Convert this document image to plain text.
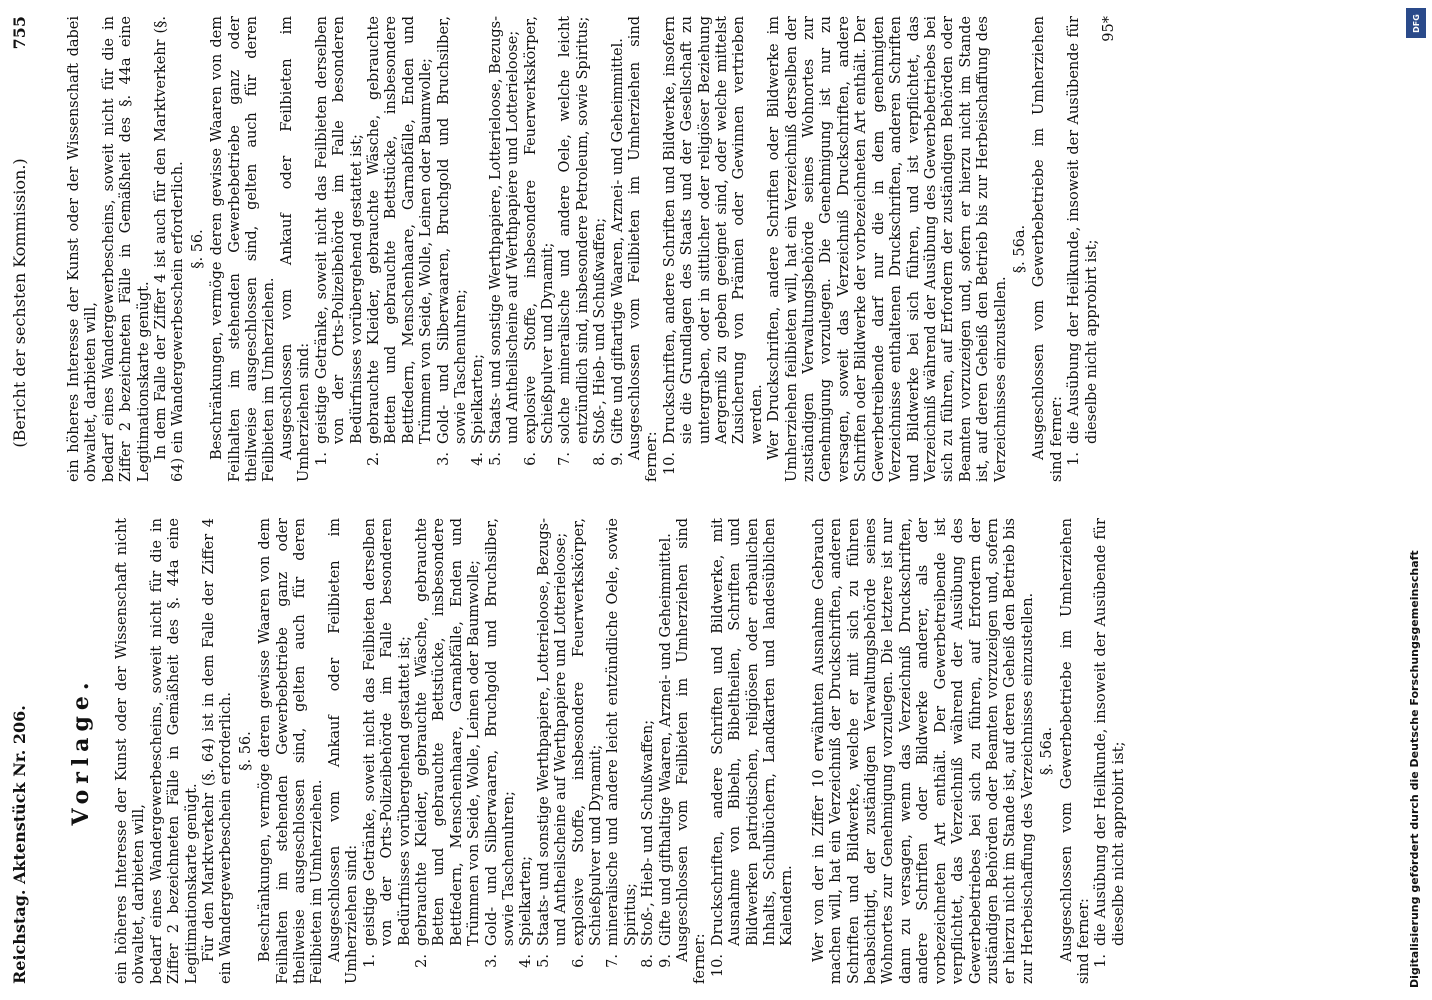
Reichstag. Aktenstück Nr. 206.
(Bericht der sechsten Kommission.)
755
Vorlage. ein höheres Interesse der Kunst oder der Wissenschaft nicht obwaltet, darbieten will, bedarf eines Wandergewerbescheins, soweit nicht für die in Ziffer 2 bezeichneten Fälle in Gemäßheit des §. 44a eine Legitimationskarte genügt. Für den Marktverkehr (§. 64) ist in dem Falle der Ziffer 4 ein Wandergewerbeschein erforderlich. §. 56. Beschränkungen, vermöge deren gewisse Waaren von dem Feilhalten im stehenden Gewerbebetriebe ganz oder theilweise ausgeschlossen sind, gelten auch für deren Feilbieten im Umherziehen. Ausgeschlossen vom Ankauf oder Feilbieten im Umherziehen sind: 1.
geistige Getränke, soweit nicht das Feilbieten derselben von der Orts-Polizeibehörde im Falle besonderen Bedürfnisses vorübergehend gestattet ist;
2.
gebrauchte Kleider, gebrauchte Wäsche, gebrauchte Betten und gebrauchte Bettstücke, insbesondere Bettfedern, Menschenhaare, Garnabfälle, Enden und Trümmen von Seide, Wolle, Leinen oder Baumwolle;
3.
Gold- und Silberwaaren, Bruchgold und Bruchsilber, sowie Taschenuhren;
4.
Spielkarten;
5.
Staats- und sonstige Werthpapiere, Lotterieloose, Bezugs- und Antheilscheine auf Werthpapiere und Lotterieloose;
6.
explosive Stoffe, insbesondere Feuerwerkskörper, Schießpulver und Dynamit;
7.
mineralische und andere leicht entzündliche Oele, sowie Spiritus;
8.
Stoß-, Hieb- und Schußwaffen;
9.
Gifte und gifthaltige Waaren, Arznei- und Geheimmittel. Ausgeschlossen vom Feilbieten im Umherziehen sind ferner: 10.
Druckschriften, andere Schriften und Bildwerke, mit Ausnahme von Bibeln, Bibeltheilen, Schriften und Bildwerken patriotischen, religiösen oder erbaulichen Inhalts, Schulbüchern, Landkarten und landesüblichen Kalendern. Wer von der in Ziffer 10 erwähnten Ausnahme Gebrauch machen will, hat ein Verzeichniß der Druckschriften, anderen Schriften und Bildwerke, welche er mit sich zu führen beabsichtigt, der zuständigen Verwaltungsbehörde seines Wohnortes zur Genehmigung vorzulegen. Die letztere ist nur dann zu versagen, wenn das Verzeichniß Druckschriften, andere Schriften oder Bildwerke anderer, als der vorbezeichneten Art enthält. Der Gewerbetreibende ist verpflichtet, das Verzeichniß während der Ausübung des Gewerbebetriebes bei sich zu führen, auf Erfordern der zuständigen Behörden oder Beamten vorzuzeigen und, sofern er hierzu nicht im Stande ist, auf deren Geheiß den Betrieb bis zur Herbeischaffung des Verzeichnisses einzustellen. §. 56a. Ausgeschlossen vom Gewerbebetriebe im Umherziehen sind ferner: 1.
die Ausübung der Heilkunde, insoweit der Ausübende für dieselbe nicht approbirt ist;

ein höheres Interesse der Kunst oder der Wissenschaft dabei obwaltet, darbieten will, bedarf eines Wandergewerbescheins, soweit nicht für die in Ziffer 2 bezeichneten Fälle in Gemäßheit des §. 44a eine Legitimationskarte genügt. In dem Falle der Ziffer 4 ist auch für den Marktverkehr (§. 64) ein Wandergewerbeschein erforderlich. §. 56. Beschränkungen, vermöge deren gewisse Waaren von dem Feilhalten im stehenden Gewerbebetriebe ganz oder theilweise ausgeschlossen sind, gelten auch für deren Feilbieten im Umherziehen. Ausgeschlossen vom Ankauf oder Feilbieten im Umherziehen sind: 1.
geistige Getränke, soweit nicht das Feilbieten derselben von der Orts-Polizeibehörde im Falle besonderen Bedürfnisses vorübergehend gestattet ist;
2.
gebrauchte Kleider, gebrauchte Wäsche, gebrauchte Betten und gebrauchte Bettstücke, insbesondere Bettfedern, Menschenhaare, Garnabfälle, Enden und Trümmen von Seide, Wolle, Leinen oder Baumwolle;
3.
Gold- und Silberwaaren, Bruchgold und Bruchsilber, sowie Taschenuhren;
4.
Spielkarten;
5.
Staats- und sonstige Werthpapiere, Lotterieloose, Bezugs- und Antheilscheine auf Werthpapiere und Lotterieloose;
6.
explosive Stoffe, insbesondere Feuerwerkskörper, Schießpulver und Dynamit;
7.
solche mineralische und andere Oele, welche leicht entzündlich sind, insbesondere Petroleum, sowie Spiritus;
8.
Stoß-, Hieb- und Schußwaffen;
9.
Gifte und giftartige Waaren, Arznei- und Geheimmittel. Ausgeschlossen vom Feilbieten im Umherziehen sind ferner: 10.
Druckschriften, andere Schriften und Bildwerke, insofern sie die Grundlagen des Staats und der Gesellschaft zu untergraben, oder in sittlicher oder religiöser Beziehung Aergerniß zu geben geeignet sind, oder welche mittelst Zusicherung von Prämien oder Gewinnen vertrieben werden. Wer Druckschriften, andere Schriften oder Bildwerke im Umherziehen feilbieten will, hat ein Verzeichniß derselben der zuständigen Verwaltungsbehörde seines Wohnortes zur Genehmigung vorzulegen. Die Genehmigung ist nur zu versagen, soweit das Verzeichniß Druckschriften, andere Schriften oder Bildwerke der vorbezeichneten Art enthält. Der Gewerbetreibende darf nur die in dem genehmigten Verzeichnisse enthaltenen Druckschriften, anderen Schriften und Bildwerke bei sich führen, und ist verpflichtet, das Verzeichniß während der Ausübung des Gewerbebetriebes bei sich zu führen, auf Erfordern der zuständigen Behörden oder Beamten vorzuzeigen und, sofern er hierzu nicht im Stande ist, auf deren Geheiß den Betrieb bis zur Herbeischaffung des Verzeichnisses einzustellen.

§. 56a. Ausgeschlossen vom Gewerbebetriebe im Umherziehen sind ferner: 1.
die Ausübung der Heilkunde, insoweit der Ausübende für dieselbe nicht approbirt ist;
95*	DFG
Digitalisierung gefördert durch die Deutsche Forschungsgemeinschaft
